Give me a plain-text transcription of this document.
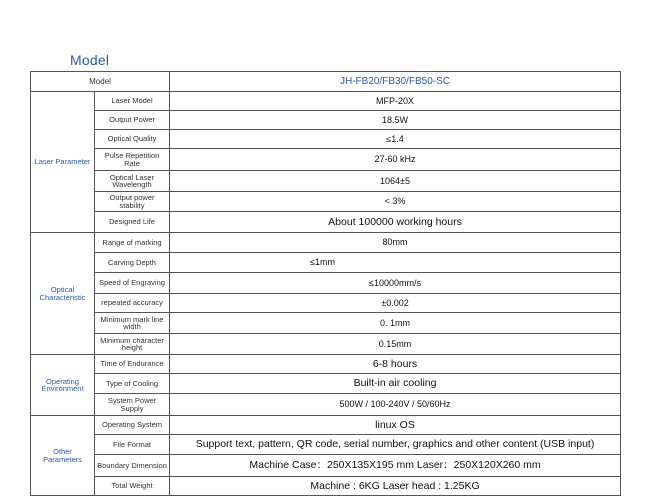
Model
Model		JH-FB20/FB30/FB50-SC
Laser Parameter	Laser Model	MFP-20X
	Output Power	18.5W
	Optical Quality	≤1.4
	Pulse Repetition Rate	27-60 kHz
	Optical Laser Wavelength	1064±5
	Output power stability	< 3%
	Designed Life	About 100000 working hours
Optical Characteristic	Range of marking	80mm
	Carving Depth	≤1mm
	Speed of Engraving	≤10000mm/s
	repeated accuracy	±0.002
	Minimum mark line width	0. 1mm
	Minimum character height	0.15mm
Operating Environment	Time of Endurance	6-8 hours
	Type of Cooling	Built-in air cooling
	System Power Supply	500W / 100-240V / 50/60Hz
Other Parameters	Operating System	linux OS
	File Format	Support text, pattern, QR code, serial number, graphics and other content (USB input)
	Boundary Dimension	Machine Case：250X135X195 mm Laser：250X120X260 mm
	Total Weight	Machine : 6KG Laser head : 1.25KG
